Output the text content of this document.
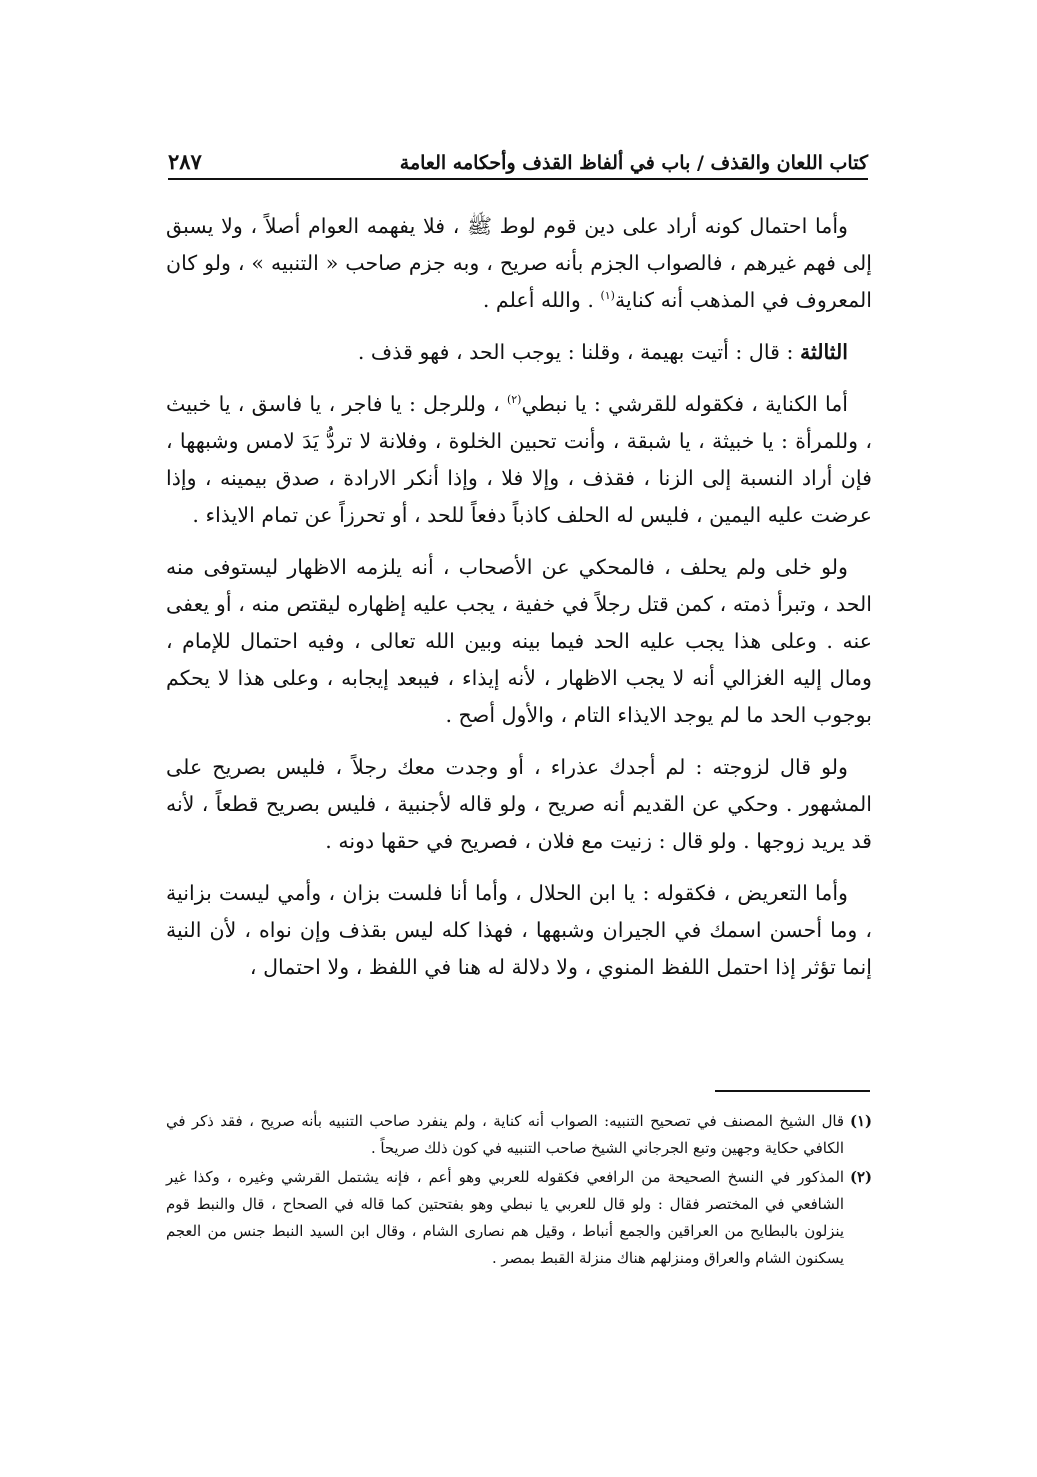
كتاب اللعان والقذف / باب في ألفاظ القذف وأحكامه العامة
٢٨٧

وأما احتمال كونه أراد على دين قوم لوط ﷺ ، فلا يفهمه العوام أصلاً ، ولا يسبق إلى فهم غيرهم ، فالصواب الجزم بأنه صريح ، وبه جزم صاحب « التنبيه » ، ولو كان المعروف في المذهب أنه كناية$^{(١)}$ . والله أعلم .

الثالثة : قال : أتيت بهيمة ، وقلنا : يوجب الحد ، فهو قذف .

أما الكناية ، فكقوله للقرشي : يا نبطي$^{(٢)}$ ، وللرجل : يا فاجر ، يا فاسق ، يا خبيث ، وللمرأة : يا خبيثة ، يا شبقة ، وأنت تحبين الخلوة ، وفلانة لا تردُّ يَدَ لامس وشبهها ، فإن أراد النسبة إلى الزنا ، فقذف ، وإلا فلا ، وإذا أنكر الارادة ، صدق بيمينه ، وإذا عرضت عليه اليمين ، فليس له الحلف كاذباً دفعاً للحد ، أو تحرزاً عن تمام الايذاء .

ولو خلى ولم يحلف ، فالمحكي عن الأصحاب ، أنه يلزمه الاظهار ليستوفى منه الحد ، وتبرأ ذمته ، كمن قتل رجلاً في خفية ، يجب عليه إظهاره ليقتص منه ، أو يعفى عنه . وعلى هذا يجب عليه الحد فيما بينه وبين الله تعالى ، وفيه احتمال للإمام ، ومال إليه الغزالي أنه لا يجب الاظهار ، لأنه إيذاء ، فيبعد إيجابه ، وعلى هذا لا يحكم بوجوب الحد ما لم يوجد الايذاء التام ، والأول أصح .

ولو قال لزوجته : لم أجدك عذراء ، أو وجدت معك رجلاً ، فليس بصريح على المشهور . وحكي عن القديم أنه صريح ، ولو قاله لأجنبية ، فليس بصريح قطعاً ، لأنه قد يريد زوجها . ولو قال : زنيت مع فلان ، فصريح في حقها دونه .

وأما التعريض ، فكقوله : يا ابن الحلال ، وأما أنا فلست بزان ، وأمي ليست بزانية ، وما أحسن اسمك في الجيران وشبهها ، فهذا كله ليس بقذف وإن نواه ، لأن النية إنما تؤثر إذا احتمل اللفظ المنوي ، ولا دلالة له هنا في اللفظ ، ولا احتمال ،

(١)
قال الشيخ المصنف في تصحيح التنبيه: الصواب أنه كناية ، ولم ينفرد صاحب التنبيه بأنه صريح ، فقد ذكر في الكافي حكاية وجهين وتبع الجرجاني الشيخ صاحب التنبيه في كون ذلك صريحاً .
(٢)
المذكور في النسخ الصحيحة من الرافعي فكقوله للعربي وهو أعم ، فإنه يشتمل القرشي وغيره ، وكذا غير الشافعي في المختصر فقال : ولو قال للعربي يا نبطي وهو بفتحتين كما قاله في الصحاح ، قال والنبط قوم ينزلون بالبطايح من العراقين والجمع أنباط ، وقيل هم نصارى الشام ، وقال ابن السيد النبط جنس من العجم يسكنون الشام والعراق ومنزلهم هناك منزلة القبط بمصر .
